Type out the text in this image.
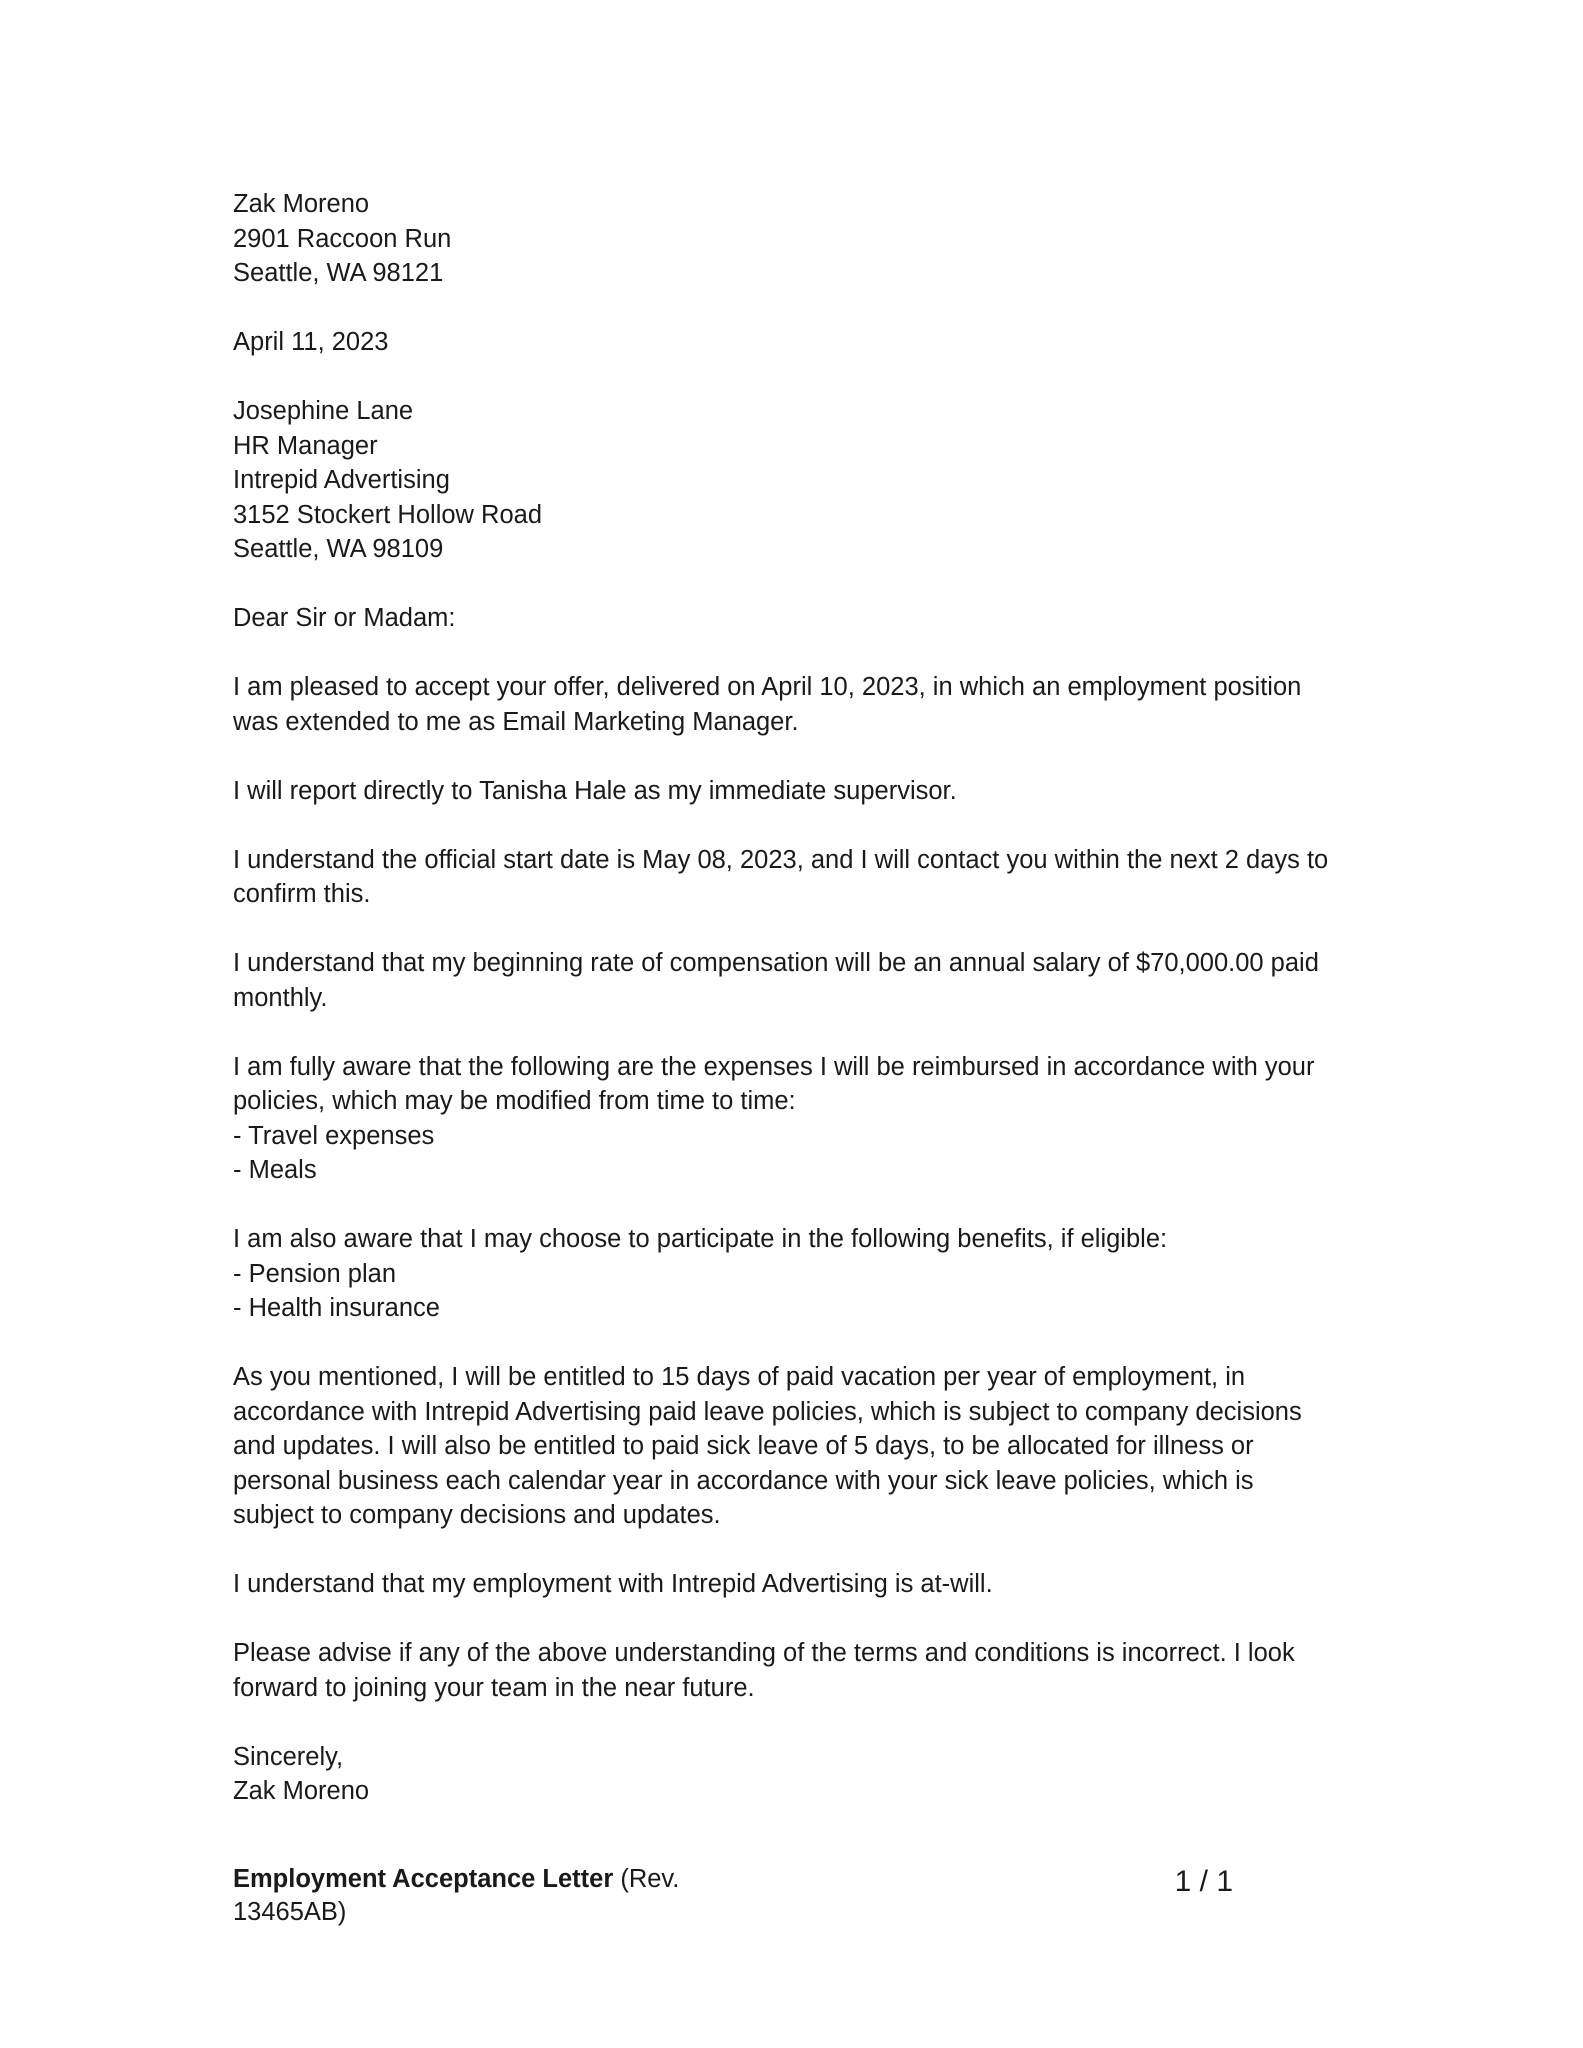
Zak Moreno
2901 Raccoon Run
Seattle, WA 98121
April 11, 2023
Josephine Lane
HR Manager
Intrepid Advertising
3152 Stockert Hollow Road
Seattle, WA 98109
Dear Sir or Madam:
I am pleased to accept your offer, delivered on April 10, 2023, in which an employment position
was extended to me as Email Marketing Manager.
I will report directly to Tanisha Hale as my immediate supervisor.
I understand the official start date is May 08, 2023, and I will contact you within the next 2 days to
confirm this.
I understand that my beginning rate of compensation will be an annual salary of $70,000.00 paid
monthly.
I am fully aware that the following are the expenses I will be reimbursed in accordance with your
policies, which may be modified from time to time:
- Travel expenses
- Meals
I am also aware that I may choose to participate in the following benefits, if eligible:
- Pension plan
- Health insurance
As you mentioned, I will be entitled to 15 days of paid vacation per year of employment, in
accordance with Intrepid Advertising paid leave policies, which is subject to company decisions
and updates. I will also be entitled to paid sick leave of 5 days, to be allocated for illness or
personal business each calendar year in accordance with your sick leave policies, which is
subject to company decisions and updates.
I understand that my employment with Intrepid Advertising is at-will.
Please advise if any of the above understanding of the terms and conditions is incorrect. I look
forward to joining your team in the near future.
Sincerely,
Zak Moreno
Employment Acceptance Letter (Rev.
13465AB)
1 / 1
